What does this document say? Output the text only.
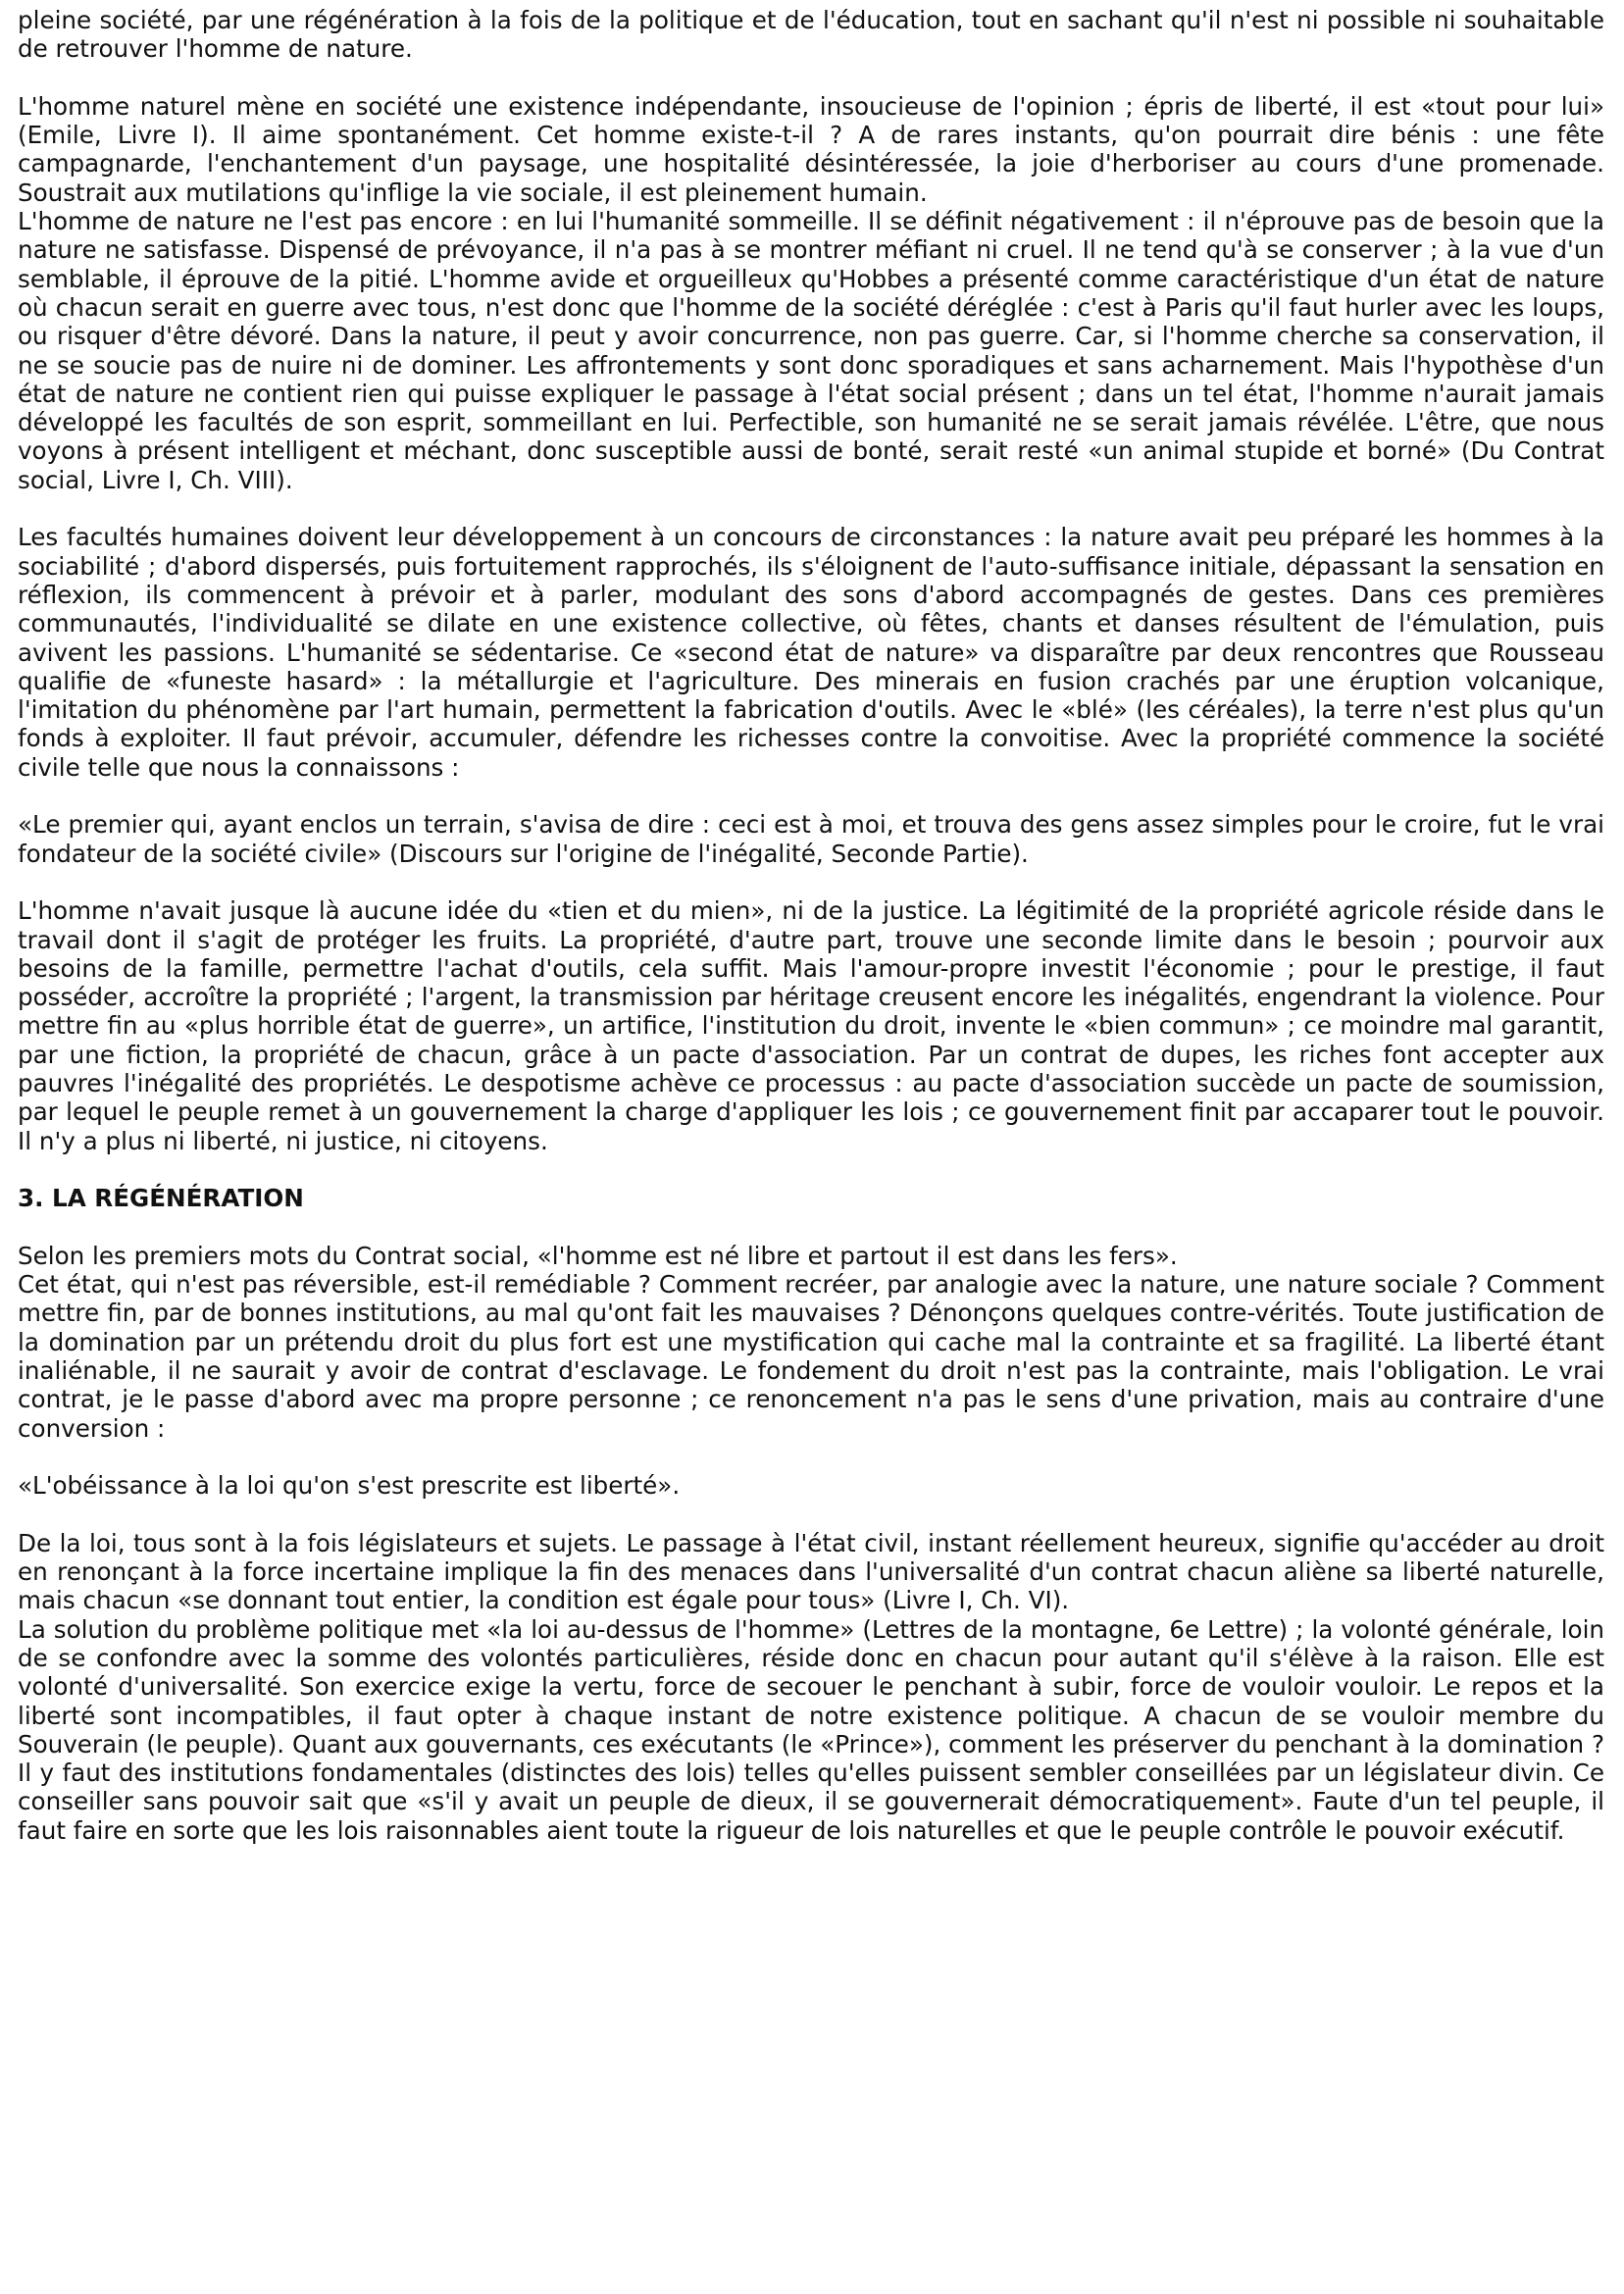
pleine société, par une régénération à la fois de la politique et de l'éducation, tout en sachant qu'il n'est ni possible ni souhaitable de retrouver l'homme de nature.

L'homme naturel mène en société une existence indépendante, insoucieuse de l'opinion ; épris de liberté, il est «tout pour lui» (Emile, Livre I). Il aime spontanément. Cet homme existe-t-il ? A de rares instants, qu'on pourrait dire bénis : une fête campagnarde, l'enchantement d'un paysage, une hospitalité désintéressée, la joie d'herboriser au cours d'une promenade. Soustrait aux mutilations qu'inflige la vie sociale, il est pleinement humain.

L'homme de nature ne l'est pas encore : en lui l'humanité sommeille. Il se définit négativement : il n'éprouve pas de besoin que la nature ne satisfasse. Dispensé de prévoyance, il n'a pas à se montrer méfiant ni cruel. Il ne tend qu'à se conserver ; à la vue d'un semblable, il éprouve de la pitié. L'homme avide et orgueilleux qu'Hobbes a présenté comme caractéristique d'un état de nature où chacun serait en guerre avec tous, n'est donc que l'homme de la société déréglée : c'est à Paris qu'il faut hurler avec les loups, ou risquer d'être dévoré. Dans la nature, il peut y avoir concurrence, non pas guerre. Car, si l'homme cherche sa conservation, il ne se soucie pas de nuire ni de dominer. Les affrontements y sont donc sporadiques et sans acharnement. Mais l'hypothèse d'un état de nature ne contient rien qui puisse expliquer le passage à l'état social présent ; dans un tel état, l'homme n'aurait jamais développé les facultés de son esprit, sommeillant en lui. Perfectible, son humanité ne se serait jamais révélée. L'être, que nous voyons à présent intelligent et méchant, donc susceptible aussi de bonté, serait resté «un animal stupide et borné» (Du Contrat social, Livre I, Ch. VIII).

Les facultés humaines doivent leur développement à un concours de circonstances : la nature avait peu préparé les hommes à la sociabilité ; d'abord dispersés, puis fortuitement rapprochés, ils s'éloignent de l'auto-suffisance initiale, dépassant la sensation en réflexion, ils commencent à prévoir et à parler, modulant des sons d'abord accompagnés de gestes. Dans ces premières communautés, l'individualité se dilate en une existence collective, où fêtes, chants et danses résultent de l'émulation, puis avivent les passions. L'humanité se sédentarise. Ce «second état de nature» va disparaître par deux rencontres que Rousseau qualifie de «funeste hasard» : la métallurgie et l'agriculture. Des minerais en fusion crachés par une éruption volcanique, l'imitation du phénomène par l'art humain, permettent la fabrication d'outils. Avec le «blé» (les céréales), la terre n'est plus qu'un fonds à exploiter. Il faut prévoir, accumuler, défendre les richesses contre la convoitise. Avec la propriété commence la société civile telle que nous la connaissons :

«Le premier qui, ayant enclos un terrain, s'avisa de dire : ceci est à moi, et trouva des gens assez simples pour le croire, fut le vrai fondateur de la société civile» (Discours sur l'origine de l'inégalité, Seconde Partie).

L'homme n'avait jusque là aucune idée du «tien et du mien», ni de la justice. La légitimité de la propriété agricole réside dans le travail dont il s'agit de protéger les fruits. La propriété, d'autre part, trouve une seconde limite dans le besoin ; pourvoir aux besoins de la famille, permettre l'achat d'outils, cela suffit. Mais l'amour-propre investit l'économie ; pour le prestige, il faut posséder, accroître la propriété ; l'argent, la transmission par héritage creusent encore les inégalités, engendrant la violence. Pour mettre fin au «plus horrible état de guerre», un artifice, l'institution du droit, invente le «bien commun» ; ce moindre mal garantit, par une fiction, la propriété de chacun, grâce à un pacte d'association. Par un contrat de dupes, les riches font accepter aux pauvres l'inégalité des propriétés. Le despotisme achève ce processus : au pacte d'association succède un pacte de soumission, par lequel le peuple remet à un gouvernement la charge d'appliquer les lois ; ce gouvernement finit par accaparer tout le pouvoir. Il n'y a plus ni liberté, ni justice, ni citoyens.

3. LA RÉGÉNÉRATION

Selon les premiers mots du Contrat social, «l'homme est né libre et partout il est dans les fers».

Cet état, qui n'est pas réversible, est-il remédiable ? Comment recréer, par analogie avec la nature, une nature sociale ? Comment mettre fin, par de bonnes institutions, au mal qu'ont fait les mauvaises ? Dénonçons quelques contre-vérités. Toute justification de la domination par un prétendu droit du plus fort est une mystification qui cache mal la contrainte et sa fragilité. La liberté étant inaliénable, il ne saurait y avoir de contrat d'esclavage. Le fondement du droit n'est pas la contrainte, mais l'obligation. Le vrai contrat, je le passe d'abord avec ma propre personne ; ce renoncement n'a pas le sens d'une privation, mais au contraire d'une conversion :

«L'obéissance à la loi qu'on s'est prescrite est liberté».

De la loi, tous sont à la fois législateurs et sujets. Le passage à l'état civil, instant réellement heureux, signifie qu'accéder au droit en renonçant à la force incertaine implique la fin des menaces dans l'universalité d'un contrat chacun aliène sa liberté naturelle, mais chacun «se donnant tout entier, la condition est égale pour tous» (Livre I, Ch. VI).

La solution du problème politique met «la loi au-dessus de l'homme» (Lettres de la montagne, 6e Lettre) ; la volonté générale, loin de se confondre avec la somme des volontés particulières, réside donc en chacun pour autant qu'il s'élève à la raison. Elle est volonté d'universalité. Son exercice exige la vertu, force de secouer le penchant à subir, force de vouloir vouloir. Le repos et la liberté sont incompatibles, il faut opter à chaque instant de notre existence politique. A chacun de se vouloir membre du Souverain (le peuple). Quant aux gouvernants, ces exécutants (le «Prince»), comment les préserver du penchant à la domination ? Il y faut des institutions fondamentales (distinctes des lois) telles qu'elles puissent sembler conseillées par un législateur divin. Ce conseiller sans pouvoir sait que «s'il y avait un peuple de dieux, il se gouvernerait démocratiquement». Faute d'un tel peuple, il faut faire en sorte que les lois raisonnables aient toute la rigueur de lois naturelles et que le peuple contrôle le pouvoir exécutif.
